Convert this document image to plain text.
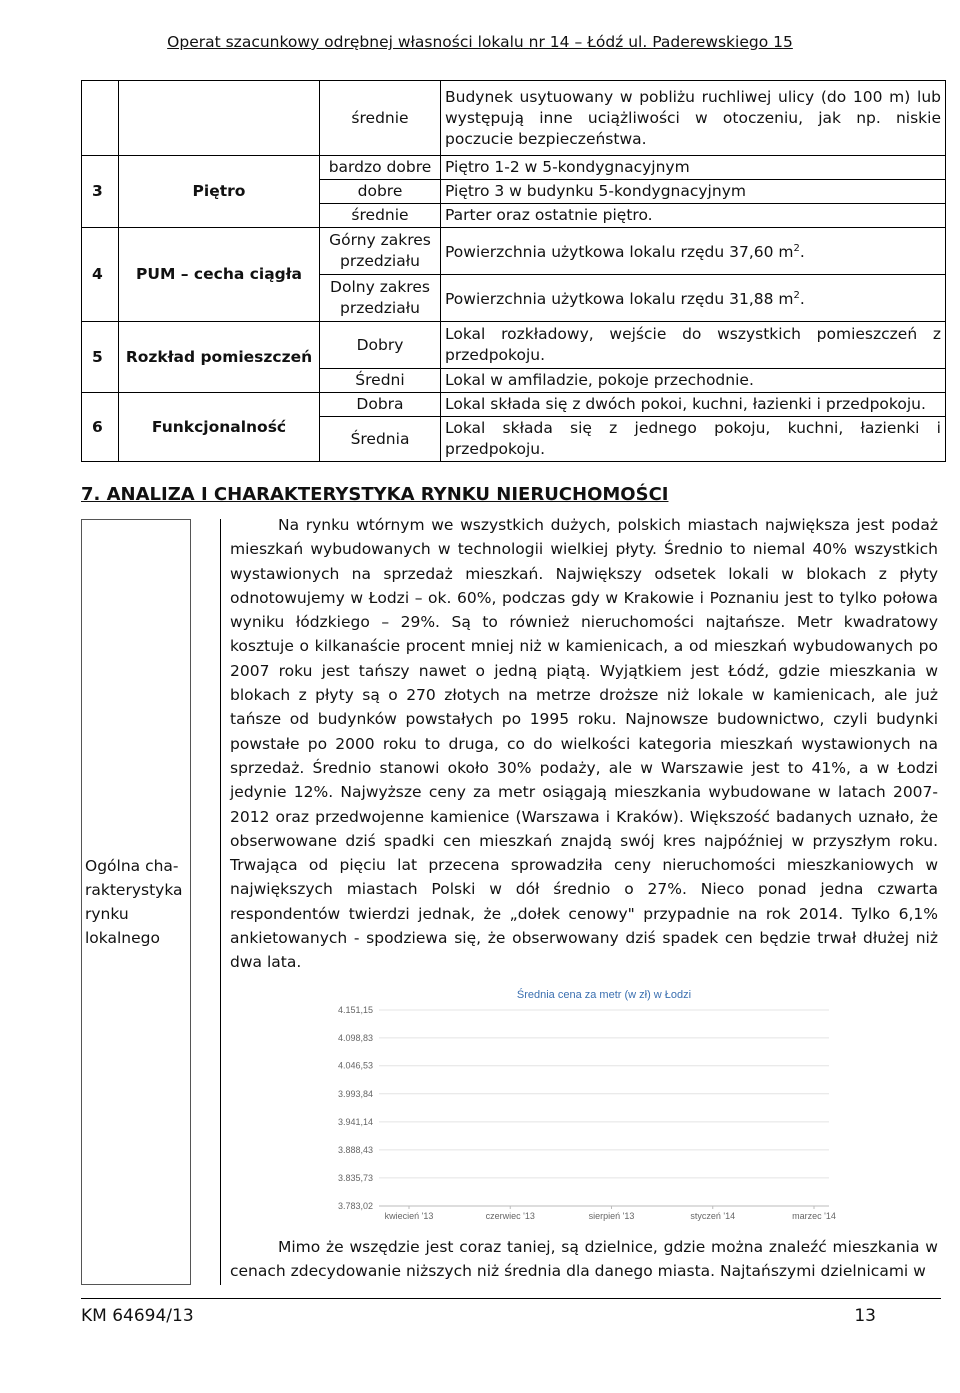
Operat szacunkowy odrębnej własności lokalu nr 14 – Łódź ul. Paderewskiego 15
		średnie	Budynek usytuowany w pobliżu ruchliwej ulicy (do 100 m) lub występują inne uciążliwości w otoczeniu, jak np. niskie poczucie bezpieczeństwa.
3	Piętro	bardzo dobre	Piętro 1-2 w 5-kondygnacyjnym
		dobre	Piętro 3 w budynku 5-kondygnacyjnym
		średnie	Parter oraz ostatnie piętro.
4	PUM – cecha ciągła	Górny zakres przedziału	Powierzchnia użytkowa lokalu rzędu 37,60 $m^2$.
		Dolny zakres przedziału	Powierzchnia użytkowa lokalu rzędu 31,88 $m^2$.
5	Rozkład pomieszczeń	Dobry	Lokal rozkładowy, wejście do wszystkich pomieszczeń z przedpokoju.
		Średni	Lokal w amfiladzie, pokoje przechodnie.
6	Funkcjonalność	Dobra	Lokal składa się z dwóch pokoi, kuchni, łazienki i przedpokoju.
		Średnia	Lokal składa się z jednego pokoju, kuchni, łazienki i przedpokoju.
7. ANALIZA I CHARAKTERYSTYKA RYNKU NIERUCHOMOŚCI
Ogólna cha-rakterystyka rynku lokalnego
Na rynku wtórnym we wszystkich dużych, polskich miastach największa jest podaż mieszkań wybudowanych w technologii wielkiej płyty. Średnio to niemal 40% wszystkich wystawionych na sprzedaż mieszkań. Największy odsetek lokali w blokach z płyty odnotowujemy w Łodzi – ok. 60%, podczas gdy w Krakowie i Poznaniu jest to tylko połowa wyniku łódzkiego – 29%. Są to również nieruchomości najtańsze. Metr kwadratowy kosztuje o kilkanaście procent mniej niż w kamienicach, a od mieszkań wybudowanych po 2007 roku jest tańszy nawet o jedną piątą. Wyjątkiem jest Łódź, gdzie mieszkania w blokach z płyty są o 270 złotych na metrze droższe niż lokale w kamienicach, ale już tańsze od budynków powstałych po 1995 roku. Najnowsze budownictwo, czyli budynki powstałe po 2000 roku to druga, co do wielkości kategoria mieszkań wystawionych na sprzedaż. Średnio stanowi około 30% podaży, ale w Warszawie jest to 41%, a w Łodzi jedynie 12%. Najwyższe ceny za metr osiągają mieszkania wybudowane w latach 2007-2012 oraz przedwojenne kamienice (Warszawa i Kraków). Większość badanych uznało, że obserwowane dziś spadki cen mieszkań znajdą swój kres najpóźniej w przyszłym roku. Trwająca od pięciu lat przecena sprowadziła ceny nieruchomości mieszkaniowych w największych miastach Polski w dół średnio o 27%. Nieco ponad jedna czwarta respondentów twierdzi jednak, że „dołek cenowy" przypadnie na rok 2014. Tylko 6,1% ankietowanych - spodziewa się, że obserwowany dziś spadek cen będzie trwał dłużej niż dwa lata.
Średnia cena za metr (w zł) w Łodzi
4.151,15
4.098,83
4.046,53
3.993,84
3.941,14
3.888,43
3.835,73
3.783,02
kwiecień '13	czerwiec '13	sierpień '13	styczeń '14	marzec '14
Mimo że wszędzie jest coraz taniej, są dzielnice, gdzie można znaleźć mieszkania w cenach zdecydowanie niższych niż średnia dla danego miasta. Najtańszymi dzielnicami w
KM 64694/13	13
